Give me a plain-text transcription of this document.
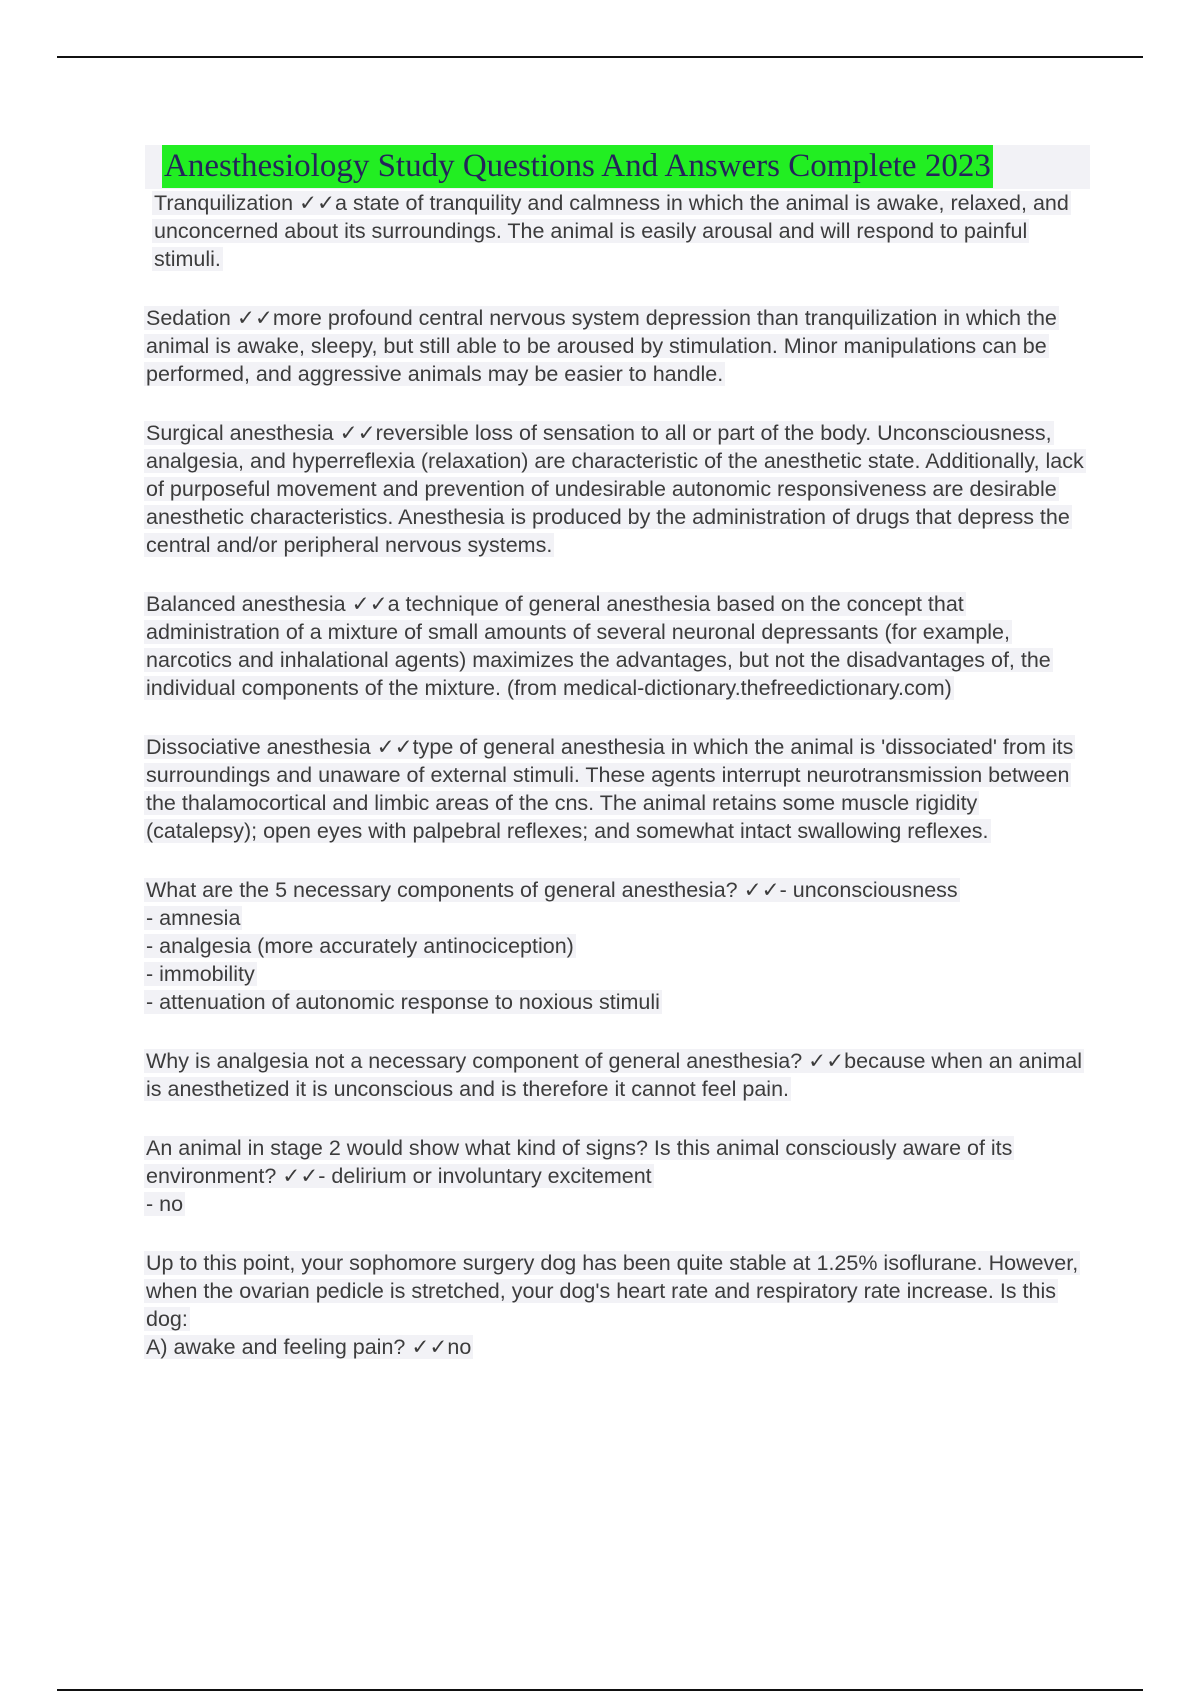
Anesthesiology Study Questions And Answers Complete 2023
Tranquilization ✓✓a state of tranquility and calmness in which the animal is awake, relaxed, and unconcerned about its surroundings. The animal is easily arousal and will respond to painful stimuli.
Sedation ✓✓more profound central nervous system depression than tranquilization in which the animal is awake, sleepy, but still able to be aroused by stimulation. Minor manipulations can be performed, and aggressive animals may be easier to handle.
Surgical anesthesia ✓✓reversible loss of sensation to all or part of the body. Unconsciousness, analgesia, and hyperreflexia (relaxation) are characteristic of the anesthetic state. Additionally, lack of purposeful movement and prevention of undesirable autonomic responsiveness are desirable anesthetic characteristics. Anesthesia is produced by the administration of drugs that depress the central and/or peripheral nervous systems.
Balanced anesthesia ✓✓a technique of general anesthesia based on the concept that administration of a mixture of small amounts of several neuronal depressants (for example, narcotics and inhalational agents) maximizes the advantages, but not the disadvantages of, the individual components of the mixture. (from medical-dictionary.thefreedictionary.com)
Dissociative anesthesia ✓✓type of general anesthesia in which the animal is 'dissociated' from its surroundings and unaware of external stimuli. These agents interrupt neurotransmission between the thalamocortical and limbic areas of the cns. The animal retains some muscle rigidity (catalepsy); open eyes with palpebral reflexes; and somewhat intact swallowing reflexes.
What are the 5 necessary components of general anesthesia? ✓✓- unconsciousness
- amnesia
- analgesia (more accurately antinociception)
- immobility
- attenuation of autonomic response to noxious stimuli
Why is analgesia not a necessary component of general anesthesia? ✓✓because when an animal is anesthetized it is unconscious and is therefore it cannot feel pain.
An animal in stage 2 would show what kind of signs? Is this animal consciously aware of its environment? ✓✓- delirium or involuntary excitement
- no
Up to this point, your sophomore surgery dog has been quite stable at 1.25% isoflurane. However, when the ovarian pedicle is stretched, your dog's heart rate and respiratory rate increase. Is this dog:
A) awake and feeling pain? ✓✓no
